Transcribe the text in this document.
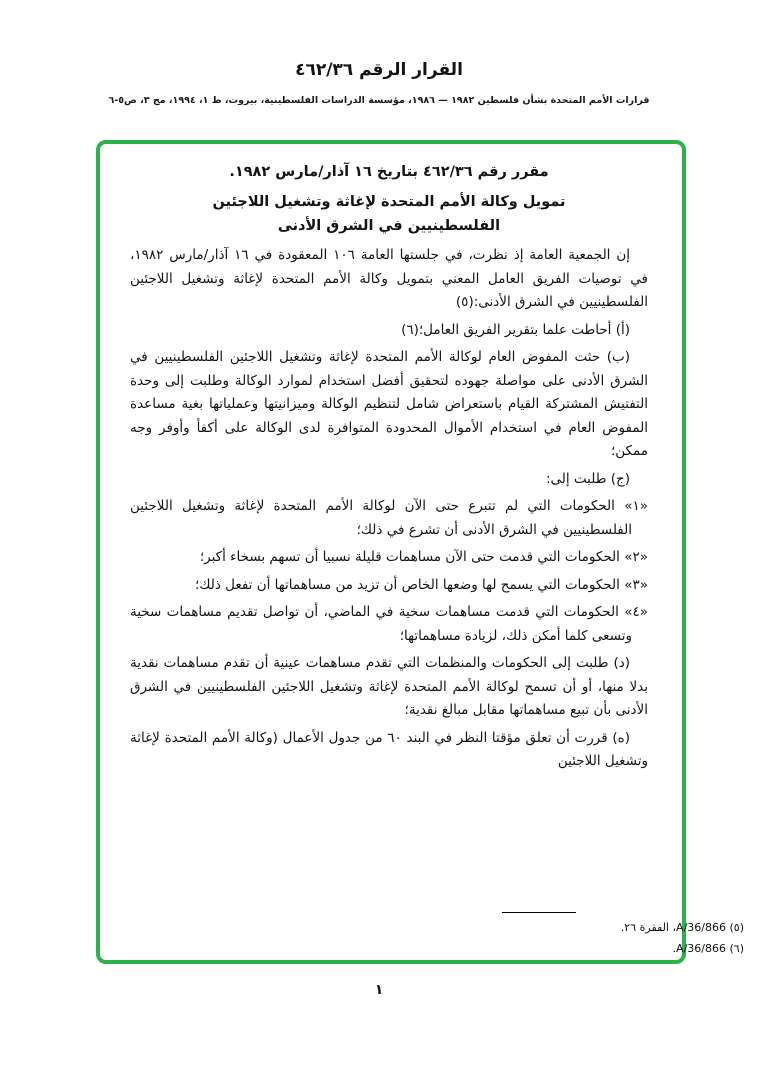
القرار الرقم ٤٦٢/٣٦
قرارات الأمم المتحدة بشأن فلسطين ١٩٨٢ — ١٩٨٦، مؤسسة الدراسات الفلسطينية، بيروت، ط ١، ١٩٩٤، مج ٣، ص٥-٦

مقرر رقم ٤٦٢/٣٦ بتاريخ ١٦ آذار/مارس ١٩٨٢.

تمويل وكالة الأمم المتحدة لإغاثة وتشغيل اللاجئين

الفلسطينيين في الشرق الأدنى

إن الجمعية العامة إذ نظرت، في جلستها العامة ١٠٦ المعقودة في ١٦ آذار/مارس ١٩٨٢، في توصيات الفريق العامل المعني بتمويل وكالة الأمم المتحدة لإغاثة وتشغيل اللاجئين الفلسطينيين في الشرق الأدنى:(٥)

(أ) أحاطت علما بتقرير الفريق العامل؛(٦)

(ب) حثت المفوض العام لوكالة الأمم المتحدة لإغاثة وتشغيل اللاجئين الفلسطينيين في الشرق الأدنى على مواصلة جهوده لتحقيق أفضل استخدام لموارد الوكالة وطلبت إلى وحدة التفتيش المشتركة القيام باستعراض شامل لتنظيم الوكالة وميزانيتها وعملياتها بغية مساعدة المفوض العام في استخدام الأموال المحدودة المتوافرة لدى الوكالة على أكفأ وأوفر وجه ممكن؛

(ج) طلبت إلى:

«١» الحكومات التي لم تتبرع حتى الآن لوكالة الأمم المتحدة لإغاثة وتشغيل اللاجئين الفلسطينيين في الشرق الأدنى أن تشرع في ذلك؛

«٢» الحكومات التي قدمت حتى الآن مساهمات قليلة نسبيا أن تسهم بسخاء أكبر؛

«٣» الحكومات التي يسمح لها وضعها الخاص أن تزيد من مساهماتها أن تفعل ذلك؛

«٤» الحكومات التي قدمت مساهمات سخية في الماضي، أن تواصل تقديم مساهمات سخية وتسعى كلما أمكن ذلك، لزيادة مساهماتها؛

(د) طلبت إلى الحكومات والمنظمات التي تقدم مساهمات عينية أن تقدم مساهمات نقدية بدلا منها، أو أن تسمح لوكالة الأمم المتحدة لإغاثة وتشغيل اللاجئين الفلسطينيين في الشرق الأدنى بأن تبيع مساهماتها مقابل مبالغ نقدية؛

(ه) قررت أن تعلق مؤقتا النظر في البند ٦٠ من جدول الأعمال (وكالة الأمم المتحدة لإغاثة وتشغيل اللاجئين

(٥) A/36/866، الفقرة ٢٦.
(٦) A/36/866.
١
